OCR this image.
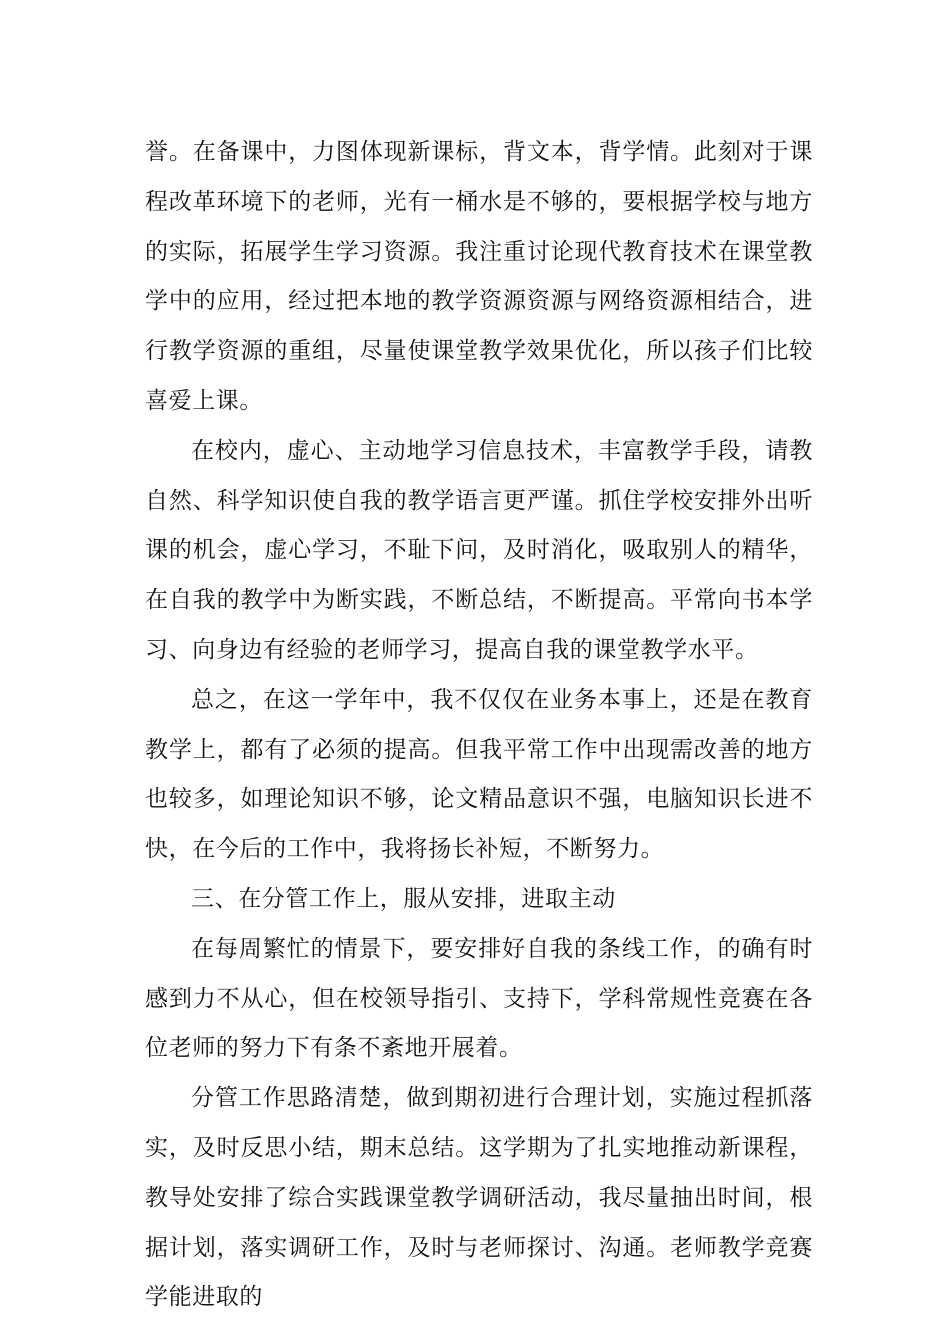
誉。在备课中，力图体现新课标，背文本，背学情。此刻对于课程改革环境下的老师，光有一桶水是不够的，要根据学校与地方的实际，拓展学生学习资源。我注重讨论现代教育技术在课堂教学中的应用，经过把本地的教学资源资源与网络资源相结合，进行教学资源的重组，尽量使课堂教学效果优化，所以孩子们比较喜爱上课。

在校内，虚心、主动地学习信息技术，丰富教学手段，请教自然、科学知识使自我的教学语言更严谨。抓住学校安排外出听课的机会，虚心学习，不耻下问，及时消化，吸取别人的精华，在自我的教学中为断实践，不断总结，不断提高。平常向书本学习、向身边有经验的老师学习，提高自我的课堂教学水平。

总之，在这一学年中，我不仅仅在业务本事上，还是在教育教学上，都有了必须的提高。但我平常工作中出现需改善的地方也较多，如理论知识不够，论文精品意识不强，电脑知识长进不快，在今后的工作中，我将扬长补短，不断努力。

三、在分管工作上，服从安排，进取主动

在每周繁忙的情景下，要安排好自我的条线工作，的确有时感到力不从心，但在校领导指引、支持下，学科常规性竞赛在各位老师的努力下有条不紊地开展着。

分管工作思路清楚，做到期初进行合理计划，实施过程抓落实，及时反思小结，期末总结。这学期为了扎实地推动新课程，教导处安排了综合实践课堂教学调研活动，我尽量抽出时间，根据计划，落实调研工作，及时与老师探讨、沟通。老师教学竞赛学能进取的
